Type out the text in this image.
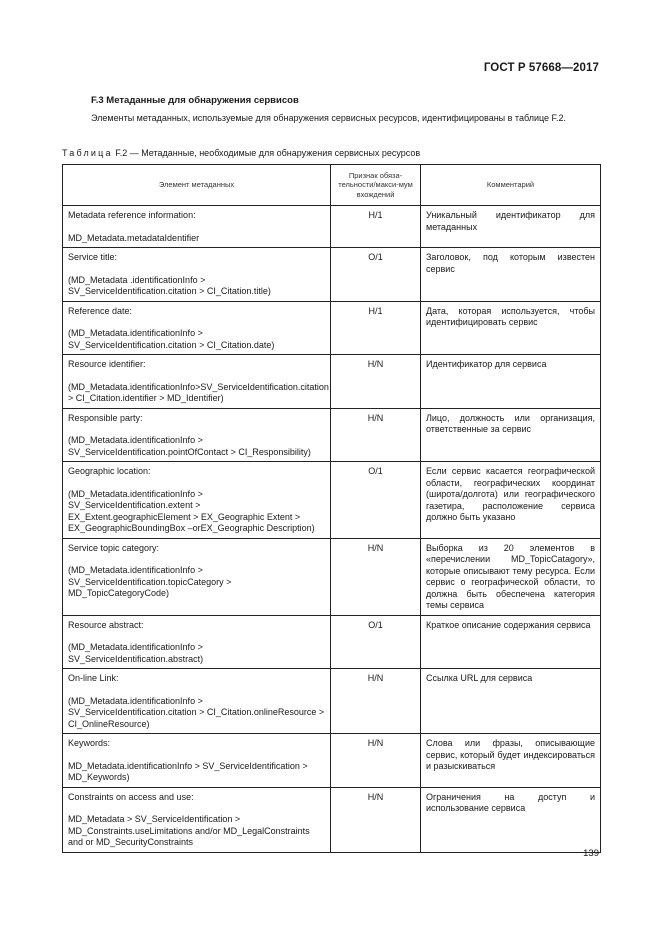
ГОСТ Р 57668—2017
F.3 Метаданные для обнаружения сервисов
Элементы метаданных, используемые для обнаружения сервисных ресурсов, идентифицированы в таблице F.2.
Таблица F.2 — Метаданные, необходимые для обнаружения сервисных ресурсов
Элемент метаданных	Признак обяза-тельности/макси-мум вхождений	Комментарий

Metadata reference information:
MD_Metadata.metadataIdentifier	Н/1	Уникальный идентификатор для метаданных

Service title:
(MD_Metadata .identificationInfo > SV_ServiceIdentification.citation > CI_Citation.title)	О/1	Заголовок, под которым известен сервис

Reference date:
(MD_Metadata.identificationInfo > SV_ServiceIdentification.citation > CI_Citation.date)	Н/1	Дата, которая используется, чтобы идентифицировать сервис

Resource identifier:
(MD_Metadata.identificationInfo>SV_ServiceIdentification.citation > CI_Citation.identifier > MD_Identifier)	Н/N	Идентификатор для сервиса

Responsible party:
(MD_Metadata.identificationInfo > SV_ServiceIdentification.pointOfContact > CI_Responsibility)	Н/N	Лицо, должность или организация, ответственные за сервис

Geographic location:
(MD_Metadata.identificationInfo > SV_ServiceIdentification.extent > EX_Extent.geographicElement > EX_Geographic Extent > EX_GeographicBoundingBox –orEX_Geographic Description)	О/1	Если сервис касается географической области, географических координат (широта/долгота) или географического газетира, расположение сервиса должно быть указано

Service topic category:
(MD_Metadata.identificationInfo > SV_ServiceIdentification.topicCategory > MD_TopicCategoryCode)	Н/N	Выборка из 20 элементов в «перечислении MD_TopicCatagory», которые описывают тему ресурса. Если сервис о географической области, то должна быть обеспечена категория темы сервиса

Resource abstract:
(MD_Metadata.identificationInfo > SV_ServiceIdentification.abstract)	О/1	Краткое описание содержания сервиса

On-line Link:
(MD_Metadata.identificationInfo > SV_ServiceIdentification.citation > CI_Citation.onlineResource > CI_OnlineResource)	Н/N	Ссылка URL для сервиса

Keywords:
MD_Metadata.identificationInfo > SV_ServiceIdentification > MD_Keywords)	Н/N	Слова или фразы, описывающие сервис, который будет индексироваться и разыскиваться

Constraints on access and use:
MD_Metadata > SV_ServiceIdentification > MD_Constraints.useLimitations and/or MD_LegalConstraints and or MD_SecurityConstraints	Н/N	Ограничения на доступ и использование сервиса
139
